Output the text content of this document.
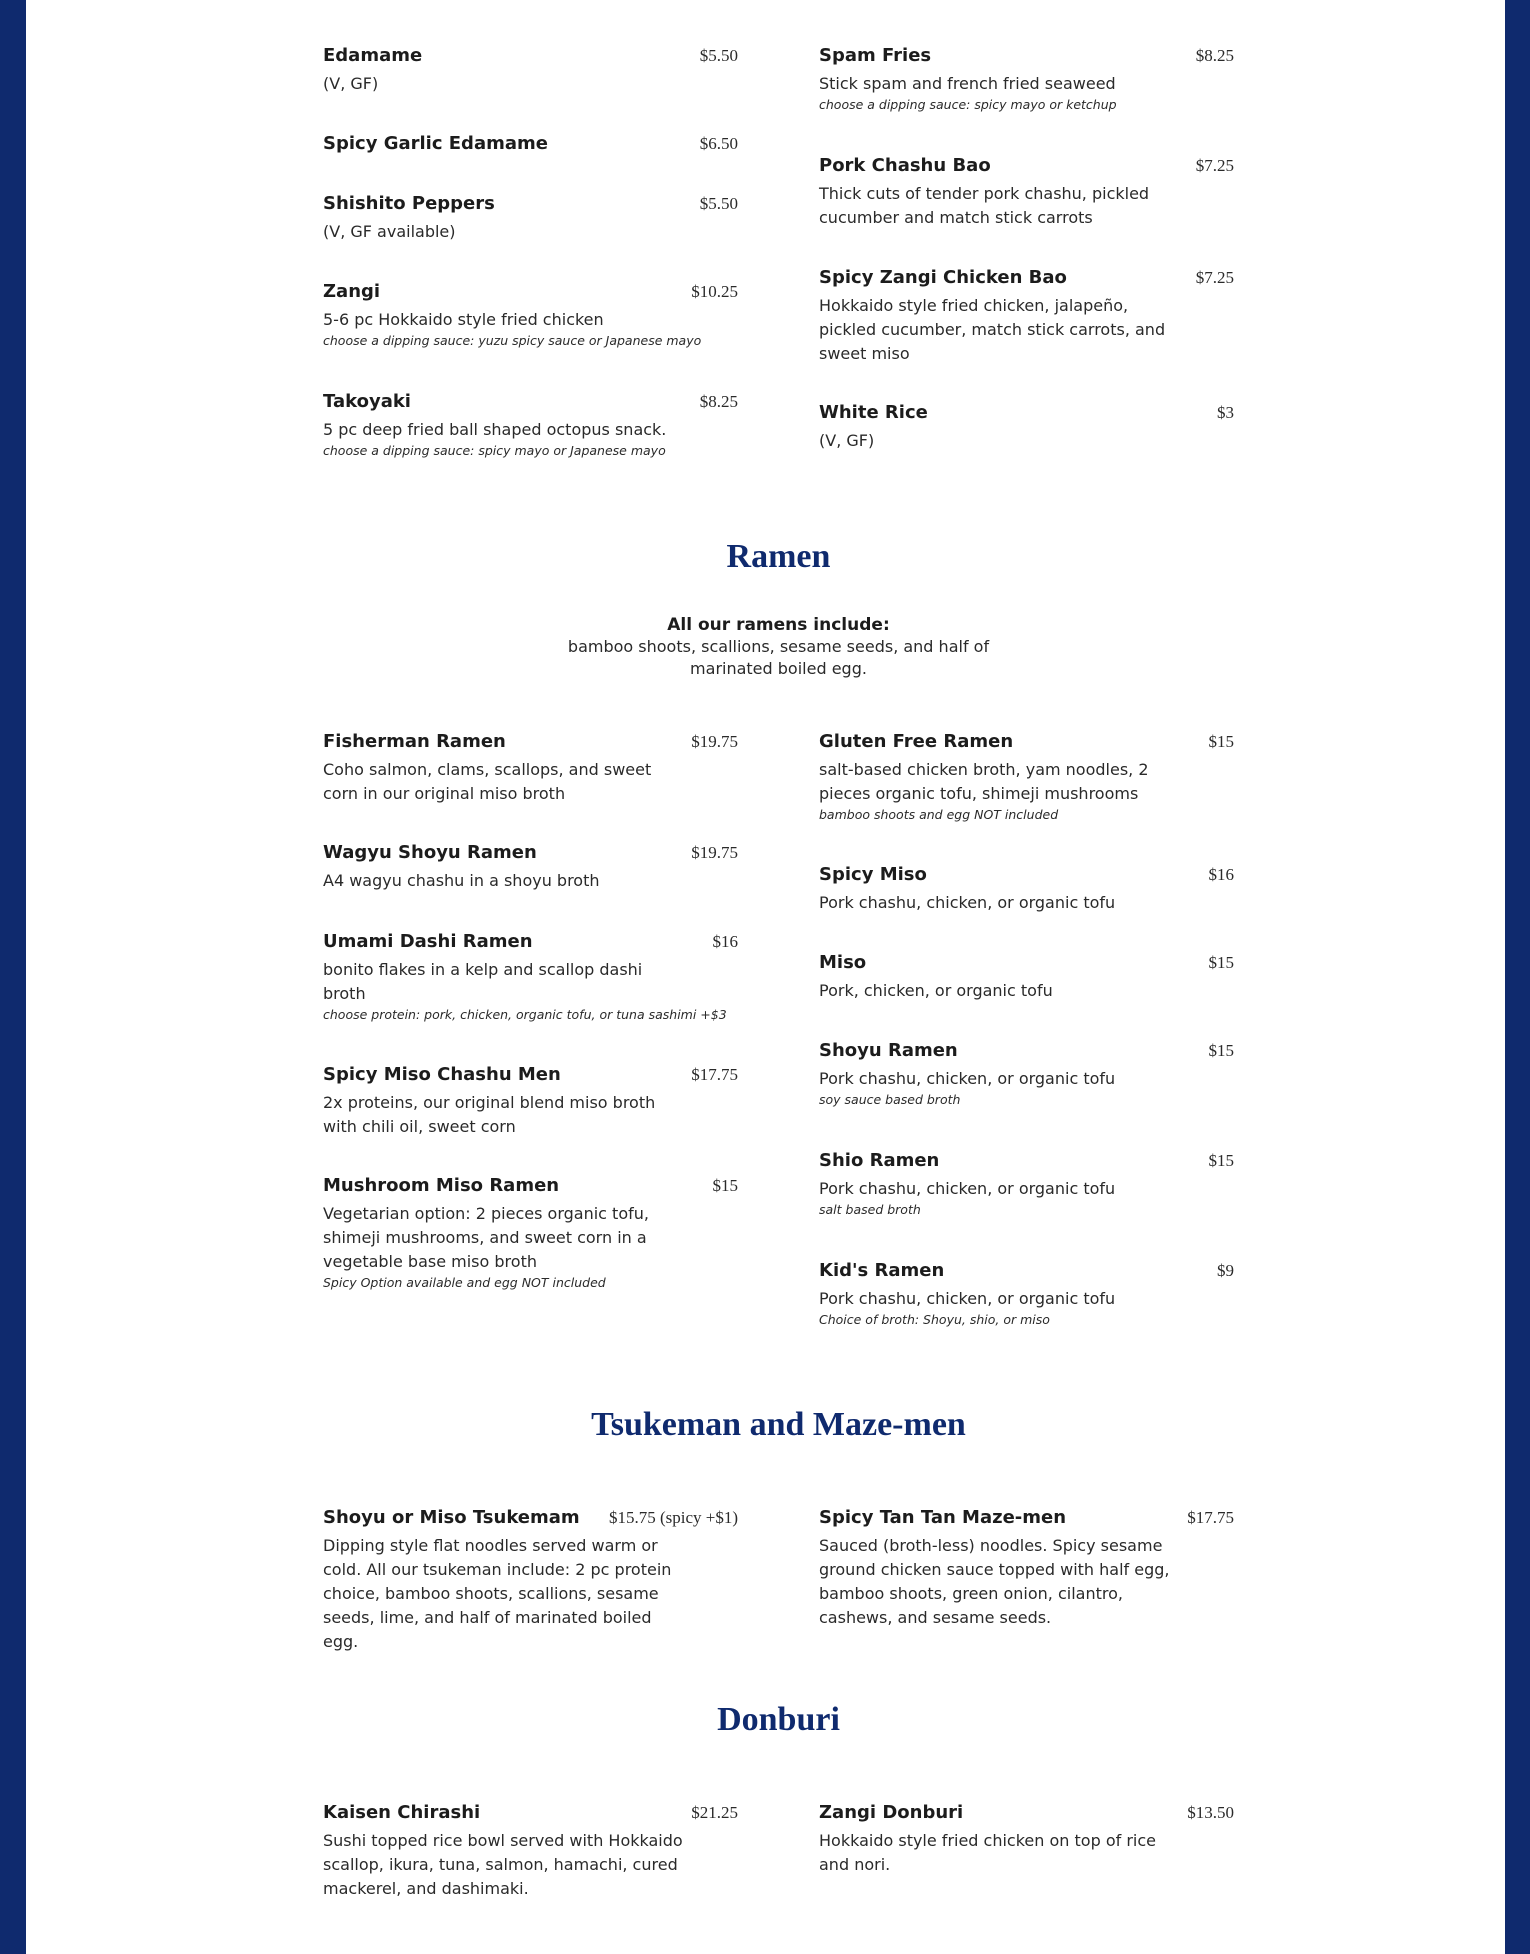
Edamame	$5.50
(V, GF)
Spicy Garlic Edamame	$6.50
Shishito Peppers	$5.50
(V, GF available)
Zangi	$10.25
5-6 pc Hokkaido style fried chicken
choose a dipping sauce: yuzu spicy sauce or Japanese mayo
Takoyaki	$8.25
5 pc deep fried ball shaped octopus snack.
choose a dipping sauce: spicy mayo or Japanese mayo
Spam Fries	$8.25
Stick spam and french fried seaweed
choose a dipping sauce: spicy mayo or ketchup
Pork Chashu Bao	$7.25
Thick cuts of tender pork chashu, pickled cucumber and match stick carrots
Spicy Zangi Chicken Bao	$7.25
Hokkaido style fried chicken, jalapeño, pickled cucumber, match stick carrots, and sweet miso
White Rice	$3
(V, GF)
Ramen
All our ramens include:
bamboo shoots, scallions, sesame seeds, and half of
marinated boiled egg.
Fisherman Ramen	$19.75
Coho salmon, clams, scallops, and sweet corn in our original miso broth
Wagyu Shoyu Ramen	$19.75
A4 wagyu chashu in a shoyu broth
Umami Dashi Ramen	$16
bonito flakes in a kelp and scallop dashi broth
choose protein: pork, chicken, organic tofu, or tuna sashimi +$3
Spicy Miso Chashu Men	$17.75
2x proteins, our original blend miso broth with chili oil, sweet corn
Mushroom Miso Ramen	$15
Vegetarian option: 2 pieces organic tofu, shimeji mushrooms, and sweet corn in a vegetable base miso broth
Spicy Option available and egg NOT included
Gluten Free Ramen	$15
salt-based chicken broth, yam noodles, 2 pieces organic tofu, shimeji mushrooms
bamboo shoots and egg NOT included
Spicy Miso	$16
Pork chashu, chicken, or organic tofu
Miso	$15
Pork, chicken, or organic tofu
Shoyu Ramen	$15
Pork chashu, chicken, or organic tofu
soy sauce based broth
Shio Ramen	$15
Pork chashu, chicken, or organic tofu
salt based broth
Kid's Ramen	$9
Pork chashu, chicken, or organic tofu
Choice of broth: Shoyu, shio, or miso
Tsukeman and Maze-men
Shoyu or Miso Tsukemam $15.75 (spicy +$1)
Dipping style flat noodles served warm or cold. All our tsukeman include: 2 pc protein choice, bamboo shoots, scallions, sesame seeds, lime, and half of marinated boiled egg.
Spicy Tan Tan Maze-men	$17.75
Sauced (broth-less) noodles. Spicy sesame ground chicken sauce topped with half egg, bamboo shoots, green onion, cilantro, cashews, and sesame seeds.
Donburi
Kaisen Chirashi	$21.25
Sushi topped rice bowl served with Hokkaido scallop, ikura, tuna, salmon, hamachi, cured mackerel, and dashimaki.
Zangi Donburi	$13.50
Hokkaido style fried chicken on top of rice and nori.
